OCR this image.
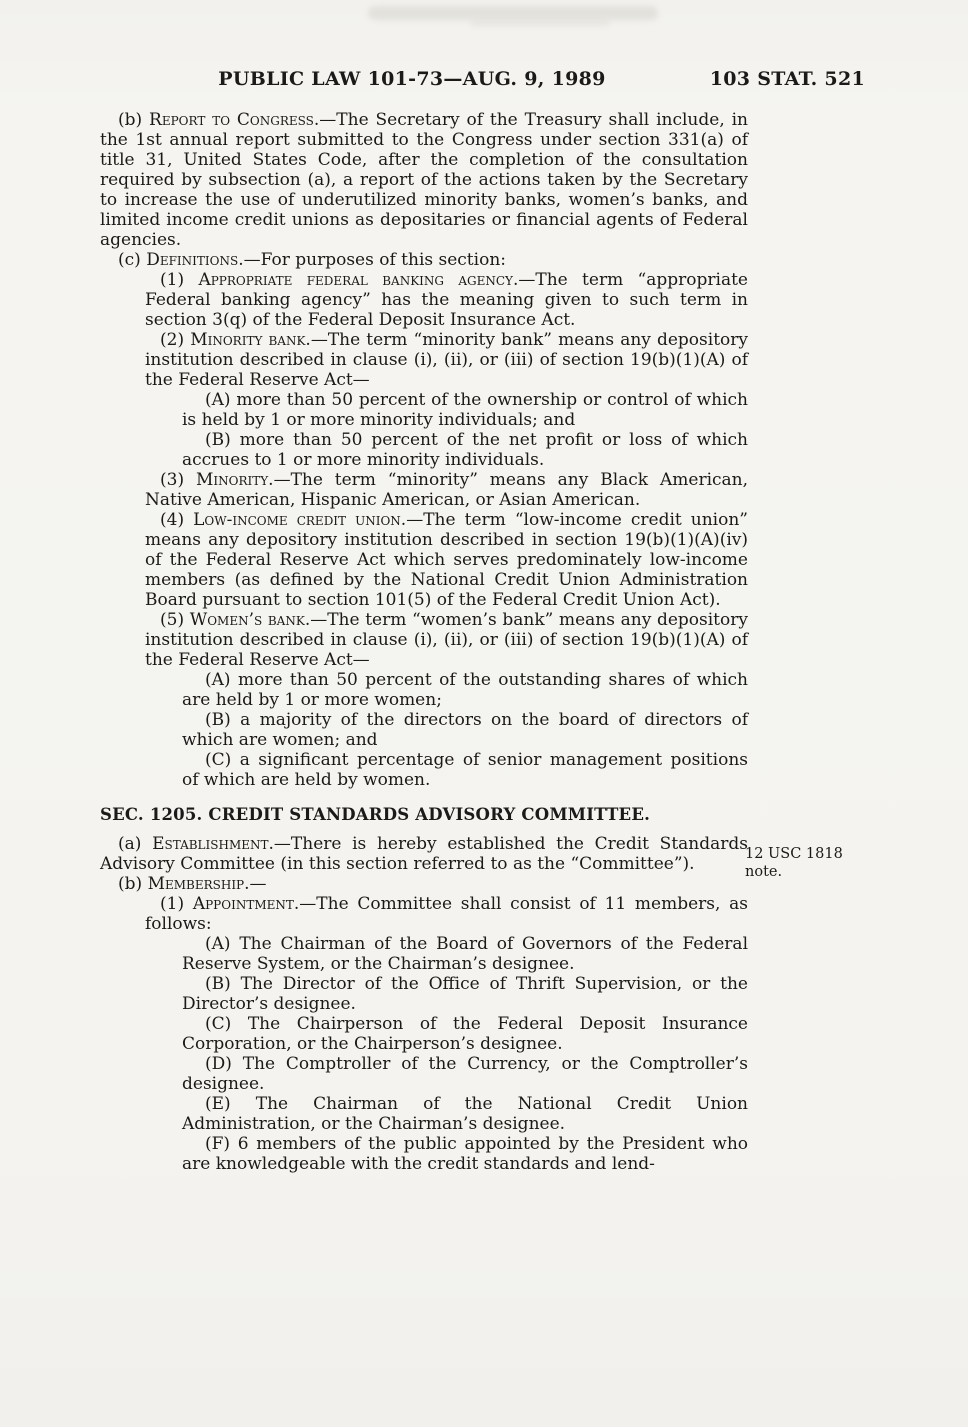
PUBLIC LAW 101-73—AUG. 9, 1989	103 STAT. 521

(b) Report to Congress.—The Secretary of the Treasury shall include, in the 1st annual report submitted to the Congress under section 331(a) of title 31, United States Code, after the completion of the consultation required by subsection (a), a report of the actions taken by the Secretary to increase the use of underutilized minority banks, women’s banks, and limited income credit unions as depositaries or financial agents of Federal agencies.

(c) Definitions.—For purposes of this section:

(1) Appropriate federal banking agency.—The term “appropriate Federal banking agency” has the meaning given to such term in section 3(q) of the Federal Deposit Insurance Act.

(2) Minority bank.—The term “minority bank” means any depository institution described in clause (i), (ii), or (iii) of section 19(b)(1)(A) of the Federal Reserve Act—

(A) more than 50 percent of the ownership or control of which is held by 1 or more minority individuals; and

(B) more than 50 percent of the net profit or loss of which accrues to 1 or more minority individuals.

(3) Minority.—The term “minority” means any Black American, Native American, Hispanic American, or Asian American.

(4) Low-income credit union.—The term “low-income credit union” means any depository institution described in section 19(b)(1)(A)(iv) of the Federal Reserve Act which serves predominately low-income members (as defined by the National Credit Union Administration Board pursuant to section 101(5) of the Federal Credit Union Act).

(5) Women’s bank.—The term “women’s bank” means any depository institution described in clause (i), (ii), or (iii) of section 19(b)(1)(A) of the Federal Reserve Act—

(A) more than 50 percent of the outstanding shares of which are held by 1 or more women;

(B) a majority of the directors on the board of directors of which are women; and

(C) a significant percentage of senior management positions of which are held by women.

SEC. 1205. CREDIT STANDARDS ADVISORY COMMITTEE.

(a) Establishment.—There is hereby established the Credit Standards Advisory Committee (in this section referred to as the “Committee”).

(b) Membership.—

(1) Appointment.—The Committee shall consist of 11 members, as follows:

(A) The Chairman of the Board of Governors of the Federal Reserve System, or the Chairman’s designee.

(B) The Director of the Office of Thrift Supervision, or the Director’s designee.

(C) The Chairperson of the Federal Deposit Insurance Corporation, or the Chairperson’s designee.

(D) The Comptroller of the Currency, or the Comptroller’s designee.

(E) The Chairman of the National Credit Union Administration, or the Chairman’s designee.

(F) 6 members of the public appointed by the President who are knowledgeable with the credit standards and lend-

12 USC 1818
note.
